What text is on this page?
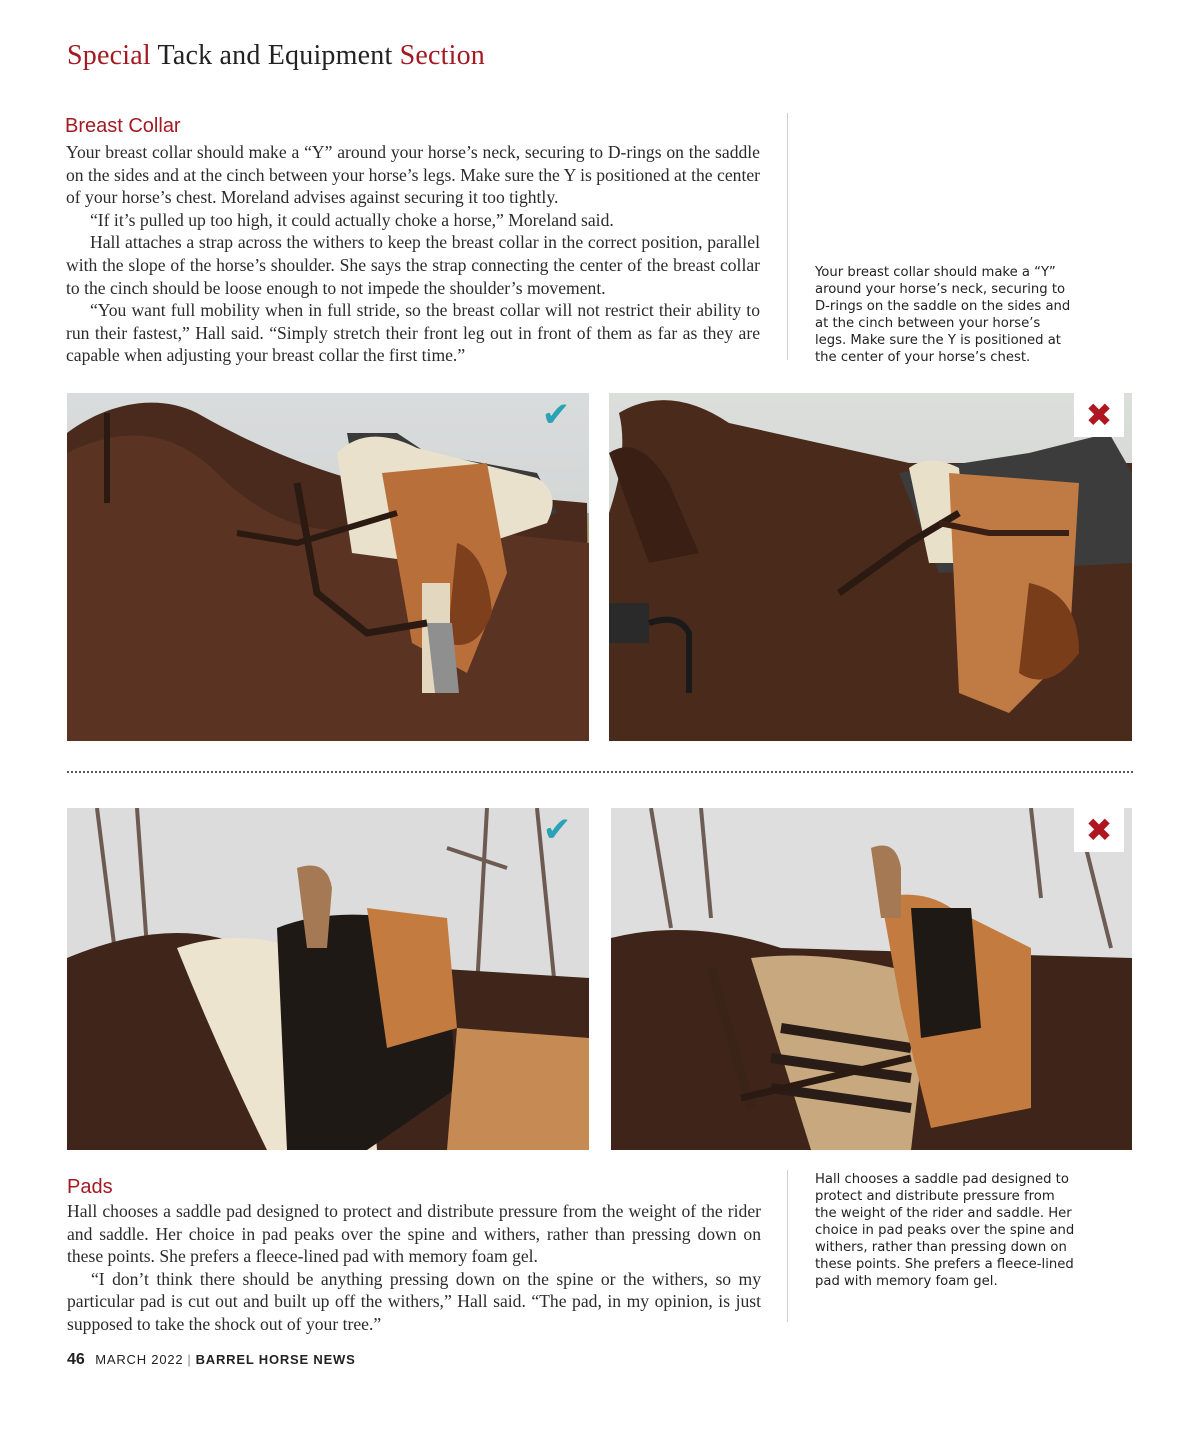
Special Tack and Equipment Section
Breast Collar

Your breast collar should make a “Y” around your horse’s neck, securing to D-rings on the saddle on the sides and at the cinch between your horse’s legs. Make sure the Y is positioned at the center of your horse’s chest. Moreland advises against securing it too tightly.

“If it’s pulled up too high, it could actually choke a horse,” Moreland said.

Hall attaches a strap across the withers to keep the breast collar in the correct position, parallel with the slope of the horse’s shoulder. She says the strap connecting the center of the breast collar to the cinch should be loose enough to not impede the shoulder’s movement.

“You want full mobility when in full stride, so the breast collar will not restrict their ability to run their fastest,” Hall said. “Simply stretch their front leg out in front of them as far as they are capable when adjusting your breast collar the first time.”

Your breast collar should make a “Y” around your horse’s neck, securing to D-rings on the saddle on the sides and at the cinch between your horse’s legs. Make sure the Y is positioned at the center of your horse’s chest.
✔	✖
✔	✖
Pads

Hall chooses a saddle pad designed to protect and distribute pressure from the weight of the rider and saddle. Her choice in pad peaks over the spine and withers, rather than pressing down on these points. She prefers a fleece-lined pad with memory foam gel.

“I don’t think there should be anything pressing down on the spine or the withers, so my particular pad is cut out and built up off the withers,” Hall said. “The pad, in my opinion, is just supposed to take the shock out of your tree.”

Hall chooses a saddle pad designed to protect and distribute pressure from the weight of the rider and saddle. Her choice in pad peaks over the spine and withers, rather than pressing down on these points. She prefers a fleece-lined pad with memory foam gel.
46 MARCH 2022 | BARREL HORSE NEWS
